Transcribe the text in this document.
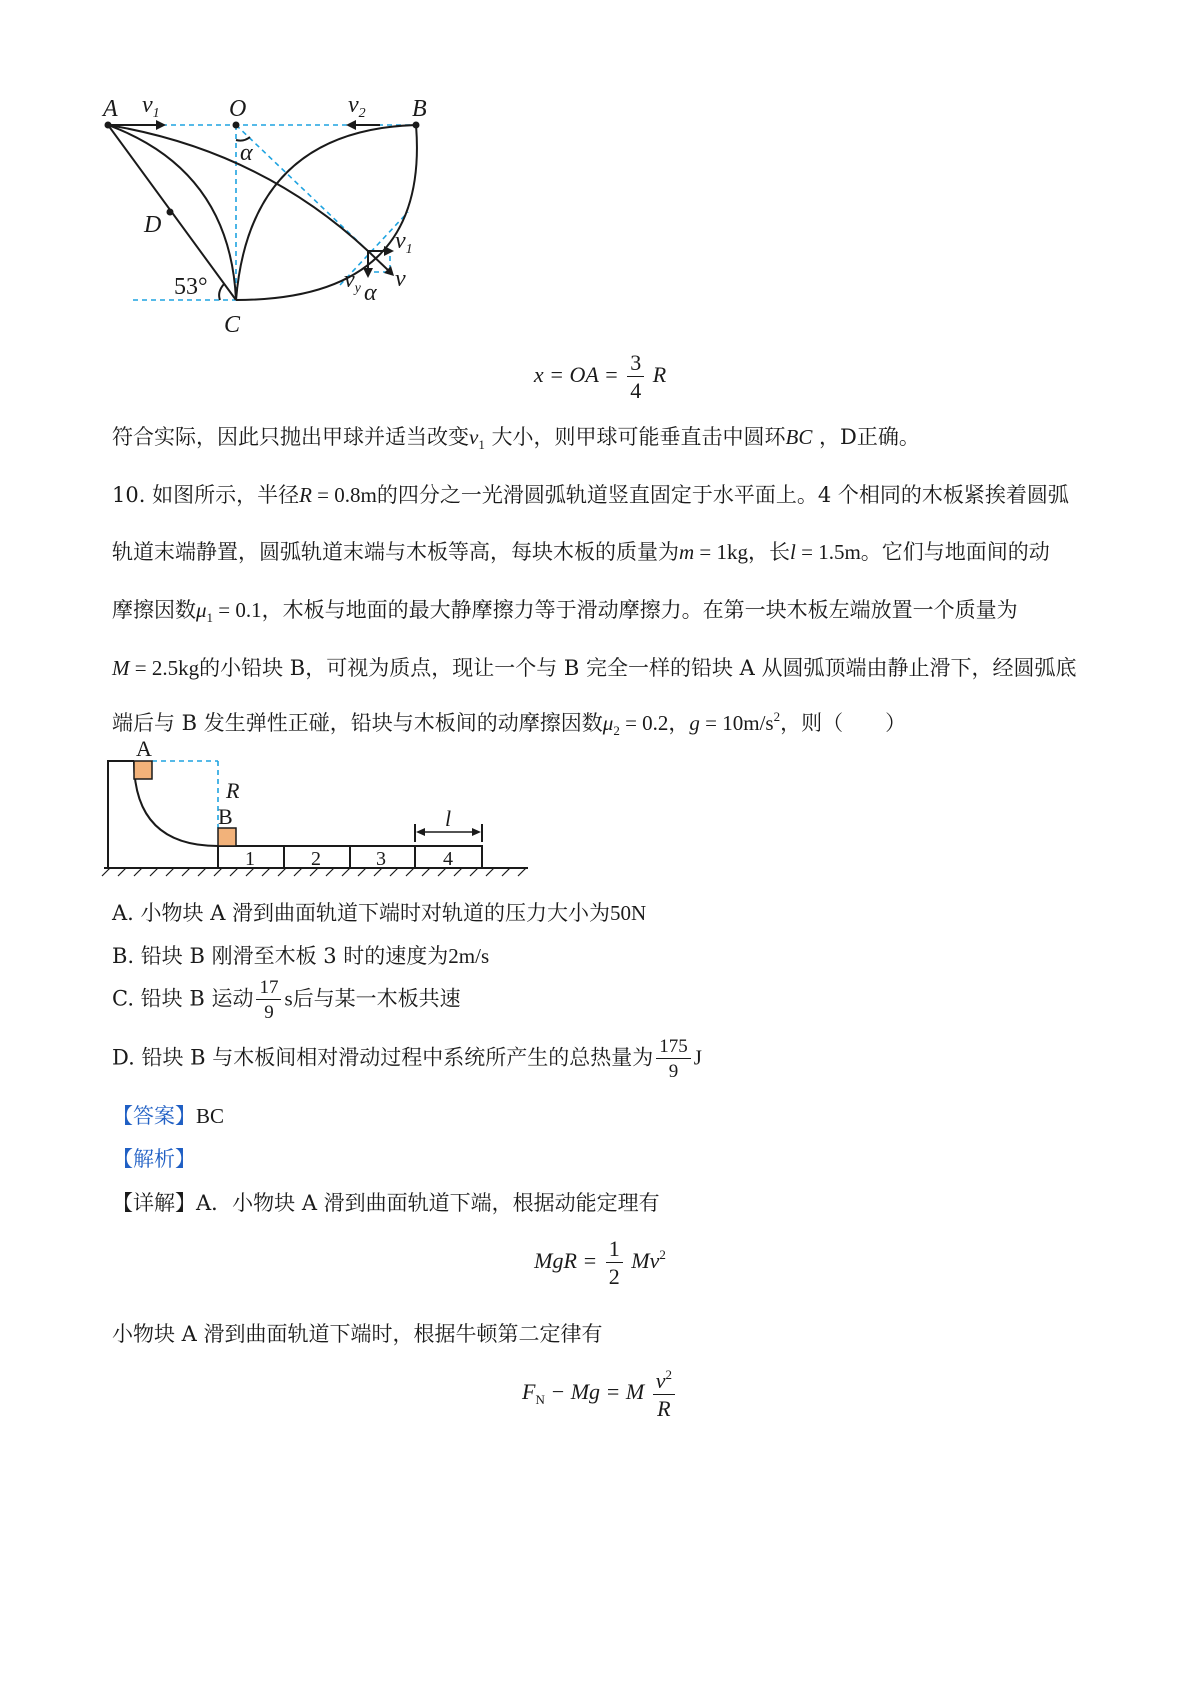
A	O	B
C
D
$v_1$	$v_2$
α
$v_1$
v
$v_y$ α
53°
x = OA = $\frac{3}{4}$ R
符合实际，因此只抛出甲球并适当改变$v_1$ 大小，则甲球可能垂直击中圆环BC ，D正确。
10. 如图所示，半径R = 0.8m的四分之一光滑圆弧轨道竖直固定于水平面上。4 个相同的木板紧挨着圆弧
轨道末端静置，圆弧轨道末端与木板等高，每块木板的质量为m = 1kg，长l = 1.5m。它们与地面间的动
摩擦因数$\mu_1 = 0.1$，木板与地面的最大静摩擦力等于滑动摩擦力。在第一块木板左端放置一个质量为
M = 2.5kg的小铅块 B，可视为质点，现让一个与 B 完全一样的铅块 A 从圆弧顶端由静止滑下，经圆弧底
端后与 B 发生弹性正碰，铅块与木板间的动摩擦因数$\mu_2 = 0.2$，$g = 10m/s^2$，则（　　）
A
B
R
l
1	2	3	4
A. 小物块 A 滑到曲面轨道下端时对轨道的压力大小为50N
B. 铅块 B 刚滑至木板 3 时的速度为2m/s
C. 铅块 B 运动 $\frac{17}{9}$ s后与某一木板共速
D. 铅块 B 与木板间相对滑动过程中系统所产生的总热量为 $\frac{175}{9}$ J
【答案】BC
【解析】
【详解】A．小物块 A 滑到曲面轨道下端，根据动能定理有
MgR = $\frac{1}{2} Mv^2$
小物块 A 滑到曲面轨道下端时，根据牛顿第二定律有
$F_N - Mg = M \frac{v^2}{R}$
